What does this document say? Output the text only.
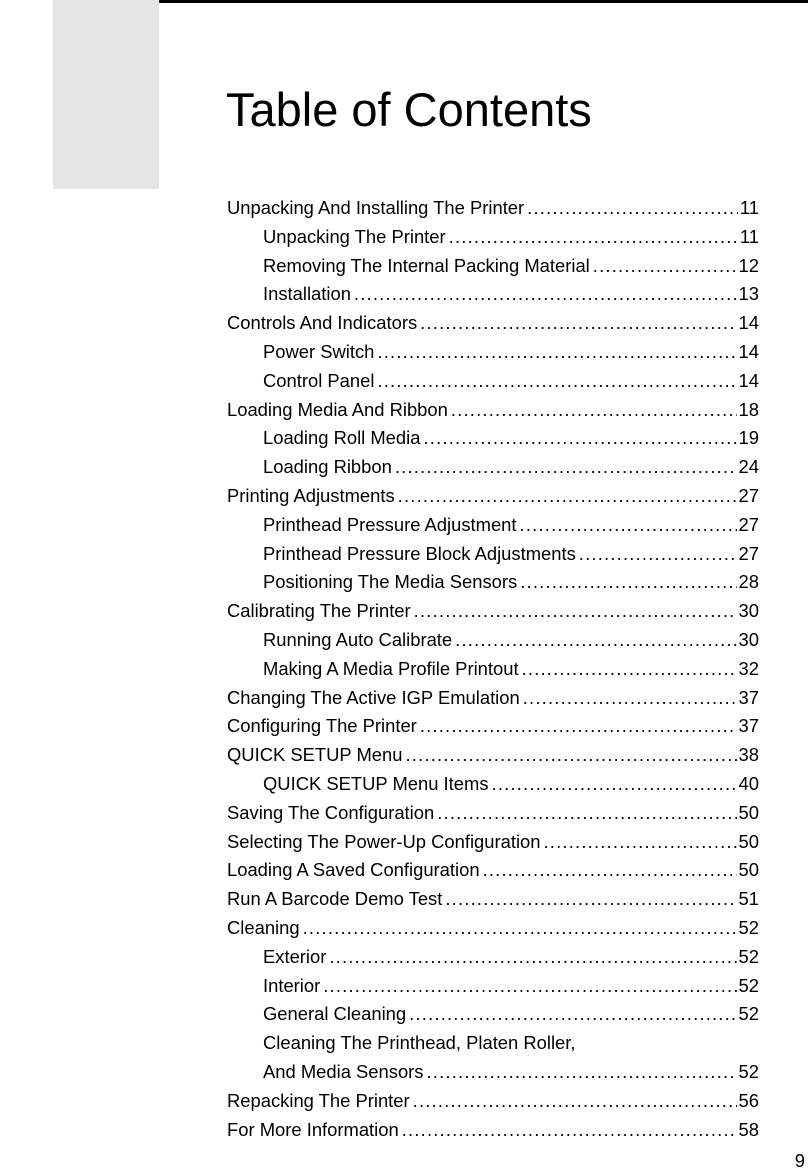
Table of Contents
Unpacking And Installing The Printer .....	11
Unpacking The Printer .....	11
Removing The Internal Packing Material .....	12
Installation .....	13
Controls And Indicators .....	14
Power Switch .....	14
Control Panel .....	14
Loading Media And Ribbon .....	18
Loading Roll Media .....	19
Loading Ribbon .....	24
Printing Adjustments .....	27
Printhead Pressure Adjustment .....	27
Printhead Pressure Block Adjustments .....	27
Positioning The Media Sensors .....	28
Calibrating The Printer .....	30
Running Auto Calibrate .....	30
Making A Media Profile Printout .....	32
Changing The Active IGP Emulation .....	37
Configuring The Printer .....	37
QUICK SETUP Menu .....	38
QUICK SETUP Menu Items .....	40
Saving The Configuration .....	50
Selecting The Power-Up Configuration .....	50
Loading A Saved Configuration .....	50
Run A Barcode Demo Test .....	51
Cleaning .....	52
Exterior .....	52
Interior .....	52
General Cleaning .....	52
Cleaning The Printhead, Platen Roller,
And Media Sensors .....	52
Repacking The Printer .....	56
For More Information .....	58
9
